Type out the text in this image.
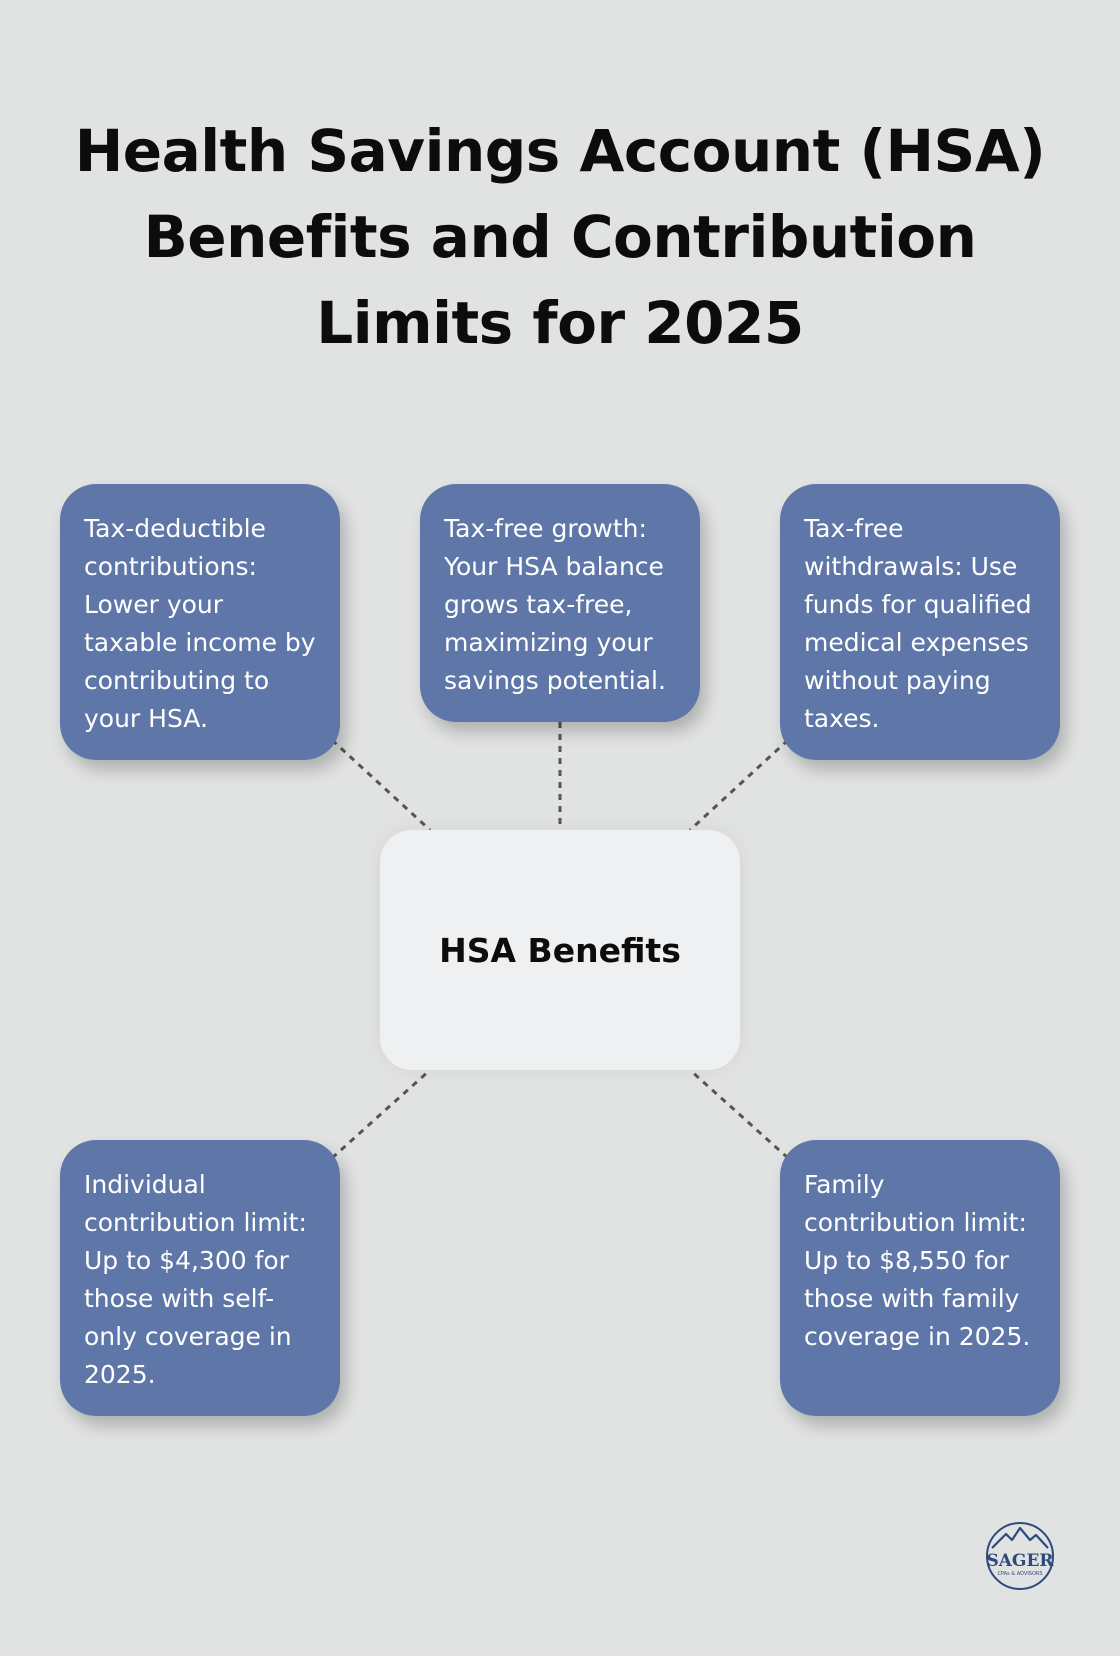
Health Savings Account (HSA)
Benefits and Contribution
Limits for 2025
Tax-deductible contributions: Lower your taxable income by contributing to your HSA.
Tax-free growth: Your HSA balance grows tax-free, maximizing your savings potential.
Tax-free withdrawals: Use funds for qualified medical expenses without paying taxes.
HSA Benefits
Individual contribution limit: Up to $4,300 for those with self-only coverage in 2025.
Family contribution limit: Up to $8,550 for those with family coverage in 2025.
SAGER
CPAs & ADVISORS
